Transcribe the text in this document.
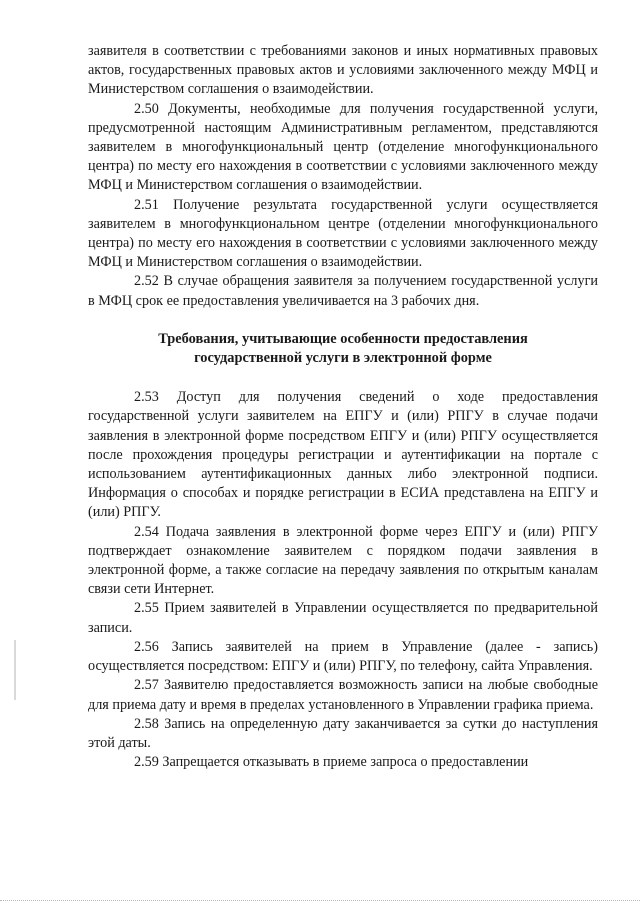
заявителя в соответствии с требованиями законов и иных нормативных правовых актов, государственных правовых актов и условиями заключенного между МФЦ и Министерством соглашения о взаимодействии.

2.50 Документы, необходимые для получения государственной услуги, предусмотренной настоящим Административным регламентом, представляются заявителем в многофункциональный центр (отделение многофункционального центра) по месту его нахождения в соответствии с условиями заключенного между МФЦ и Министерством соглашения о взаимодействии.

2.51 Получение результата государственной услуги осуществляется заявителем в многофункциональном центре (отделении многофункционального центра) по месту его нахождения в соответствии с условиями заключенного между МФЦ и Министерством соглашения о взаимодействии.

2.52 В случае обращения заявителя за получением государственной услуги в МФЦ срок ее предоставления увеличивается на 3 рабочих дня.

Требования, учитывающие особенности предоставления
государственной услуги в электронной форме

2.53 Доступ для получения сведений о ходе предоставления государственной услуги заявителем на ЕПГУ и (или) РПГУ в случае подачи заявления в электронной форме посредством ЕПГУ и (или) РПГУ осуществляется после прохождения процедуры регистрации и аутентификации на портале с использованием аутентификационных данных либо электронной подписи. Информация о способах и порядке регистрации в ЕСИА представлена на ЕПГУ и (или) РПГУ.

2.54 Подача заявления в электронной форме через ЕПГУ и (или) РПГУ подтверждает ознакомление заявителем с порядком подачи заявления в электронной форме, а также согласие на передачу заявления по открытым каналам связи сети Интернет.

2.55 Прием заявителей в Управлении осуществляется по предварительной записи.

2.56 Запись заявителей на прием в Управление (далее - запись) осуществляется посредством: ЕПГУ и (или) РПГУ, по телефону, сайта Управления.

2.57 Заявителю предоставляется возможность записи на любые свободные для приема дату и время в пределах установленного в Управлении графика приема.

2.58 Запись на определенную дату заканчивается за сутки до наступления этой даты.

2.59 Запрещается отказывать в приеме запроса о предоставлении
